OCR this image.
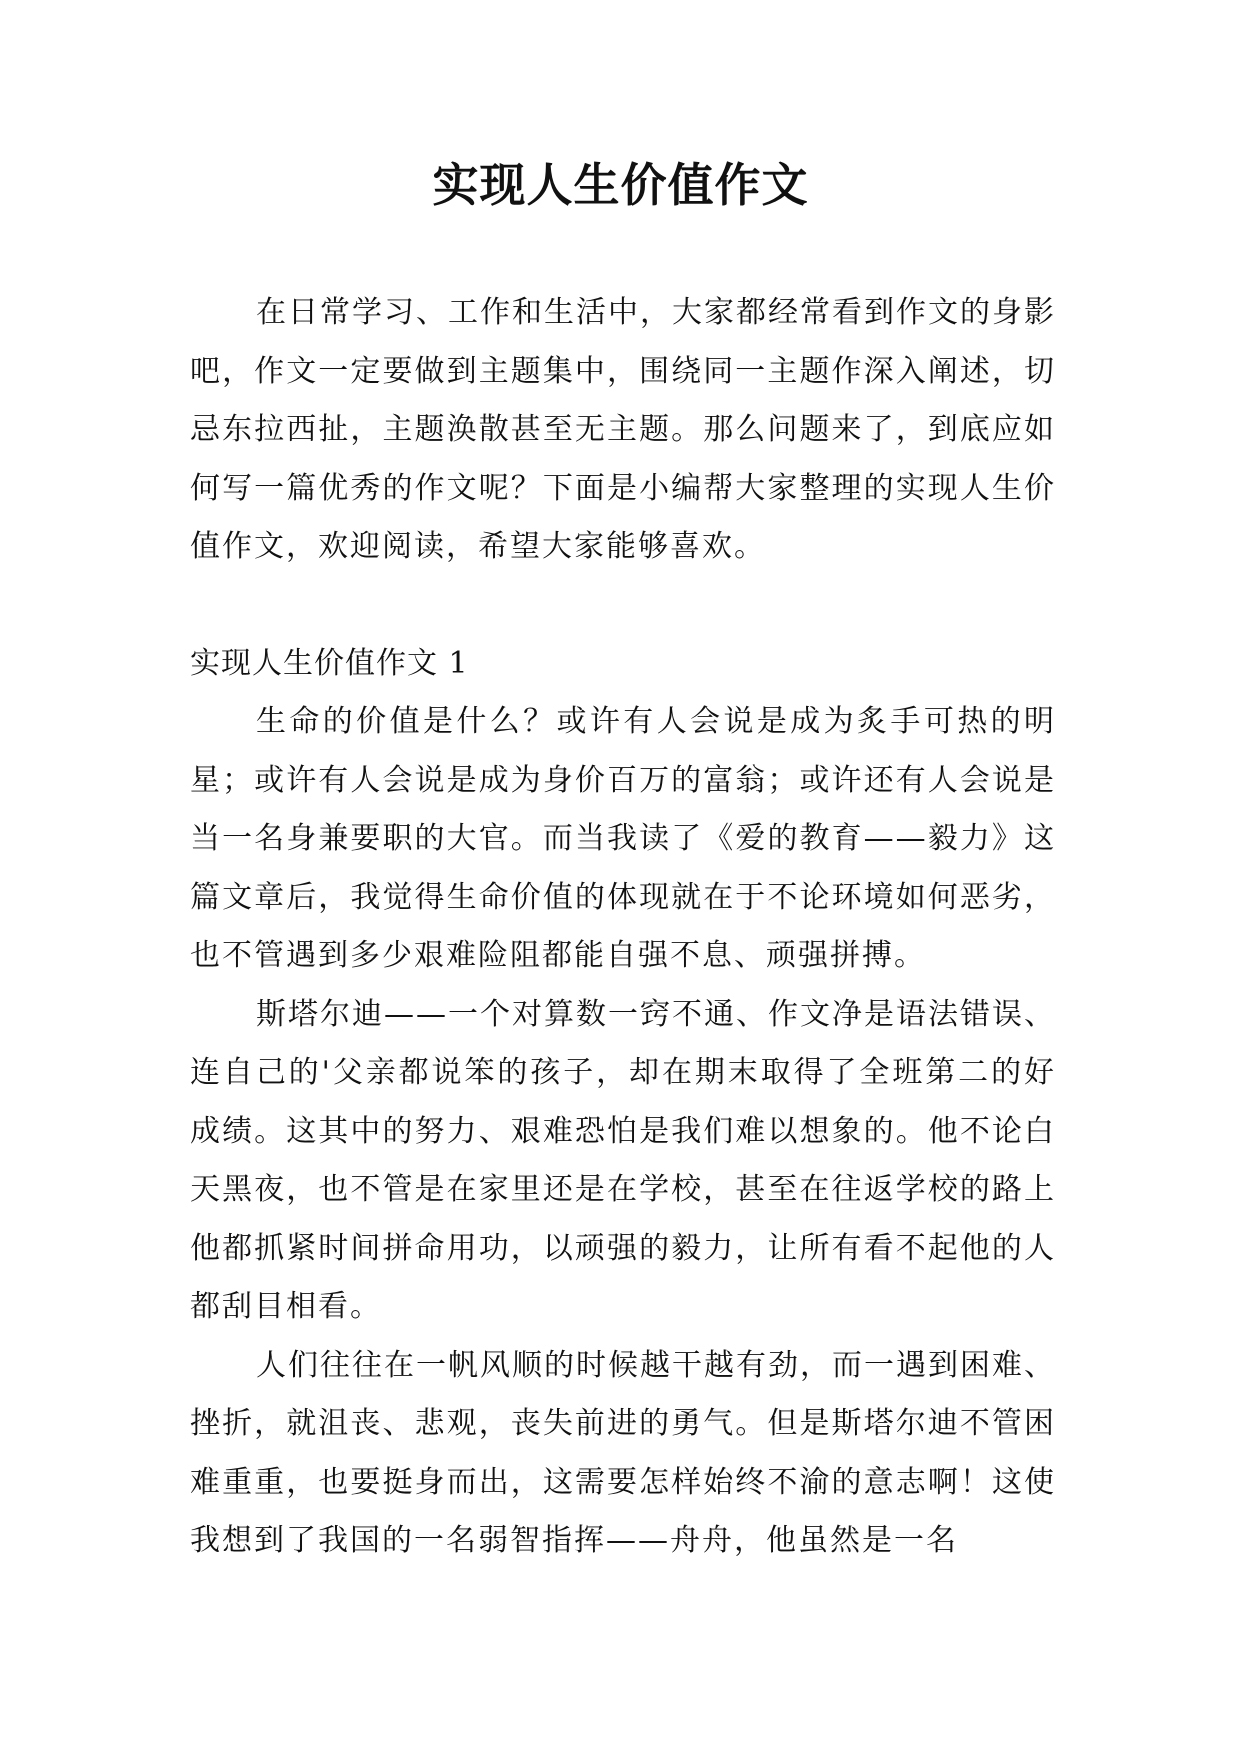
实现人生价值作文

在日常学习、工作和生活中，大家都经常看到作文的身影吧，作文一定要做到主题集中，围绕同一主题作深入阐述，切忌东拉西扯，主题涣散甚至无主题。那么问题来了，到底应如何写一篇优秀的作文呢？下面是小编帮大家整理的实现人生价值作文，欢迎阅读，希望大家能够喜欢。

实现人生价值作文 1

生命的价值是什么？或许有人会说是成为炙手可热的明星；或许有人会说是成为身价百万的富翁；或许还有人会说是当一名身兼要职的大官。而当我读了《爱的教育——毅力》这篇文章后，我觉得生命价值的体现就在于不论环境如何恶劣，也不管遇到多少艰难险阻都能自强不息、顽强拼搏。

斯塔尔迪——一个对算数一窍不通、作文净是语法错误、连自己的'父亲都说笨的孩子，却在期末取得了全班第二的好成绩。这其中的努力、艰难恐怕是我们难以想象的。他不论白天黑夜，也不管是在家里还是在学校，甚至在往返学校的路上他都抓紧时间拼命用功，以顽强的毅力，让所有看不起他的人都刮目相看。

人们往往在一帆风顺的时候越干越有劲，而一遇到困难、挫折，就沮丧、悲观，丧失前进的勇气。但是斯塔尔迪不管困难重重，也要挺身而出，这需要怎样始终不渝的意志啊！这使我想到了我国的一名弱智指挥——舟舟，他虽然是一名
